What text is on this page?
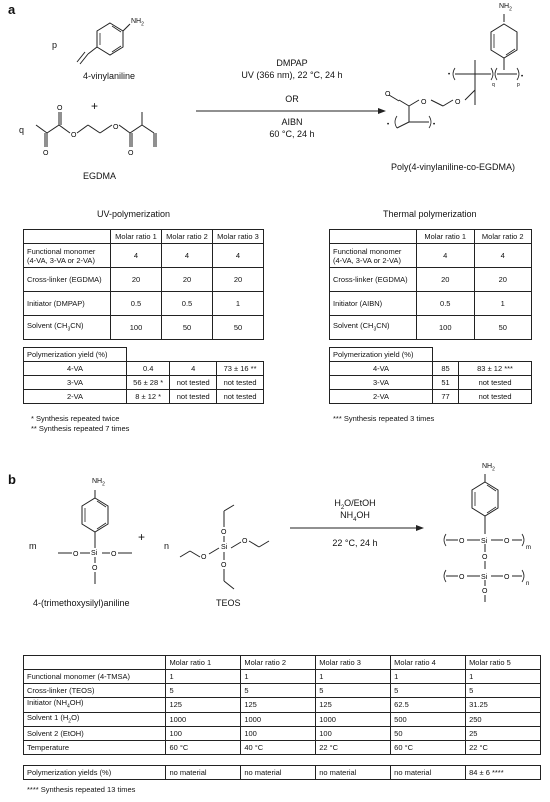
a
p
$NH_2$
4-vinylaniline
+
q
O
O
O
O
O
EGDMA
DMPAP
UV (366 nm), 22 °C, 24 h
OR
AIBN
60 °C, 24 h
$NH_2$
•	•
q	p
O
O
O
•	•
Poly(4-vinylaniline-co-EGDMA)
UV-polymerization
	Molar ratio 1	Molar ratio 2	Molar ratio 3
Functional monomer
(4-VA, 3-VA or 2-VA)	4	4	4
Cross-linker (EGDMA)	20	20	20
Initiator (DMPAP)	0.5	0.5	1
Solvent $(CH_3CN)$	100	50	50
Polymerization yield (%)			
4-VA	0.4	4	73 ± 16 **
3-VA	56 ± 28 *	not tested	not tested
2-VA	8 ± 12 *	not tested	not tested
* Synthesis repeated twice
** Synthesis repeated 7 times
Thermal polymerization
	Molar ratio 1	Molar ratio 2
Functional monomer
(4-VA, 3-VA or 2-VA)	4	4
Cross-linker (EGDMA)	20	20
Initiator (AIBN)	0.5	1
Solvent $(CH_3CN)$	100	50
Polymerization yield (%)		
4-VA	85	83 ± 12 ***
3-VA	51	not tested
2-VA	77	not tested
*** Synthesis repeated 3 times
b	$NH_2$
m
Si
O	O
O
4-(trimethoxysilyl)aniline
+
n
O
Si
O
O
O
TEOS
$H_2O$/EtOH
$NH_4OH$
22 °C, 24 h
$NH_2$
O Si O
m
O
O Si O
n
O
	Molar ratio 1	Molar ratio 2	Molar ratio 3	Molar ratio 4	Molar ratio 5
Functional monomer (4-TMSA)	1	1	1	1	1
Cross-linker (TEOS)	5	5	5	5	5
Initiator $(NH_4OH)$	125	125	125	62.5	31.25
Solvent 1 $(H_2O)$	1000	1000	1000	500	250
Solvent 2 (EtOH)	100	100	100	50	25
Temperature	60 °C	40 °C	22 °C	60 °C	22 °C
Polymerization yields (%)	no material	no material	no material	no material	84 ± 6 ****
**** Synthesis repeated 13 times
